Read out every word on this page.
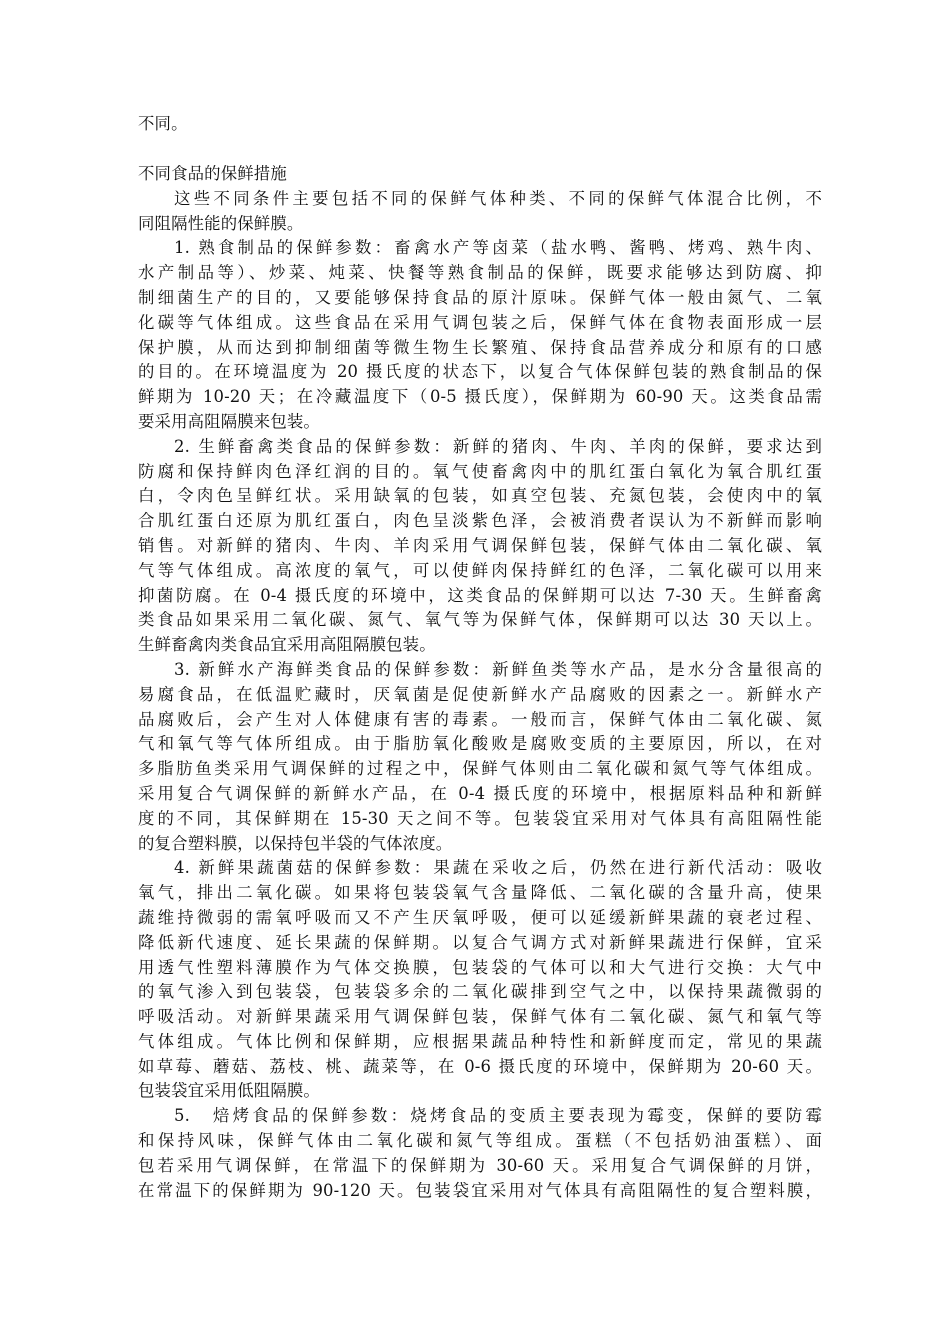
不同。
不同食品的保鲜措施
这些不同条件主要包括不同的保鲜气体种类、不同的保鲜气体混合比例，不
同阻隔性能的保鲜膜。
1. 熟食制品的保鲜参数：畜禽水产等卤菜（盐水鸭、酱鸭、烤鸡、熟牛肉、
水产制品等）、炒菜、炖菜、快餐等熟食制品的保鲜，既要求能够达到防腐、抑
制细菌生产的目的，又要能够保持食品的原汁原味。保鲜气体一般由氮气、二氧
化碳等气体组成。这些食品在采用气调包装之后，保鲜气体在食物表面形成一层
保护膜，从而达到抑制细菌等微生物生长繁殖、保持食品营养成分和原有的口感
的目的。在环境温度为 20 摄氏度的状态下，以复合气体保鲜包装的熟食制品的保
鲜期为 10-20 天；在冷藏温度下（0-5 摄氏度），保鲜期为 60-90 天。这类食品需
要采用高阻隔膜来包装。
2. 生鲜畜禽类食品的保鲜参数：新鲜的猪肉、牛肉、羊肉的保鲜，要求达到
防腐和保持鲜肉色泽红润的目的。氧气使畜禽肉中的肌红蛋白氧化为氧合肌红蛋
白，令肉色呈鲜红状。采用缺氧的包装，如真空包装、充氮包装，会使肉中的氧
合肌红蛋白还原为肌红蛋白，肉色呈淡紫色泽，会被消费者误认为不新鲜而影响
销售。对新鲜的猪肉、牛肉、羊肉采用气调保鲜包装，保鲜气体由二氧化碳、氧
气等气体组成。高浓度的氧气，可以使鲜肉保持鲜红的色泽，二氧化碳可以用来
抑菌防腐。在 0-4 摄氏度的环境中，这类食品的保鲜期可以达 7-30 天。生鲜畜禽
类食品如果采用二氧化碳、氮气、氧气等为保鲜气体，保鲜期可以达 30 天以上。
生鲜畜禽肉类食品宜采用高阻隔膜包装。
3. 新鲜水产海鲜类食品的保鲜参数：新鲜鱼类等水产品，是水分含量很高的
易腐食品，在低温贮藏时，厌氧菌是促使新鲜水产品腐败的因素之一。新鲜水产
品腐败后，会产生对人体健康有害的毒素。一般而言，保鲜气体由二氧化碳、氮
气和氧气等气体所组成。由于脂肪氧化酸败是腐败变质的主要原因，所以，在对
多脂肪鱼类采用气调保鲜的过程之中，保鲜气体则由二氧化碳和氮气等气体组成。
采用复合气调保鲜的新鲜水产品，在 0-4 摄氏度的环境中，根据原料品种和新鲜
度的不同，其保鲜期在 15-30 天之间不等。包装袋宜采用对气体具有高阻隔性能
的复合塑料膜，以保持包半袋的气体浓度。
4. 新鲜果蔬菌菇的保鲜参数：果蔬在采收之后，仍然在进行新代活动：吸收
氧气，排出二氧化碳。如果将包装袋氧气含量降低、二氧化碳的含量升高，使果
蔬维持微弱的需氧呼吸而又不产生厌氧呼吸，便可以延缓新鲜果蔬的衰老过程、
降低新代速度、延长果蔬的保鲜期。以复合气调方式对新鲜果蔬进行保鲜，宜采
用透气性塑料薄膜作为气体交换膜，包装袋的气体可以和大气进行交换：大气中
的氧气渗入到包装袋，包装袋多余的二氧化碳排到空气之中，以保持果蔬微弱的
呼吸活动。对新鲜果蔬采用气调保鲜包装，保鲜气体有二氧化碳、氮气和氧气等
气体组成。气体比例和保鲜期，应根据果蔬品种特性和新鲜度而定，常见的果蔬
如草莓、蘑菇、荔枝、桃、蔬菜等，在 0-6 摄氏度的环境中，保鲜期为 20-60 天。
包装袋宜采用低阻隔膜。
5.　焙烤食品的保鲜参数：烧烤食品的变质主要表现为霉变，保鲜的要防霉
和保持风味，保鲜气体由二氧化碳和氮气等组成。蛋糕（不包括奶油蛋糕）、面
包若采用气调保鲜，在常温下的保鲜期为 30-60 天。采用复合气调保鲜的月饼，
在常温下的保鲜期为 90-120 天。包装袋宜采用对气体具有高阻隔性的复合塑料膜，
